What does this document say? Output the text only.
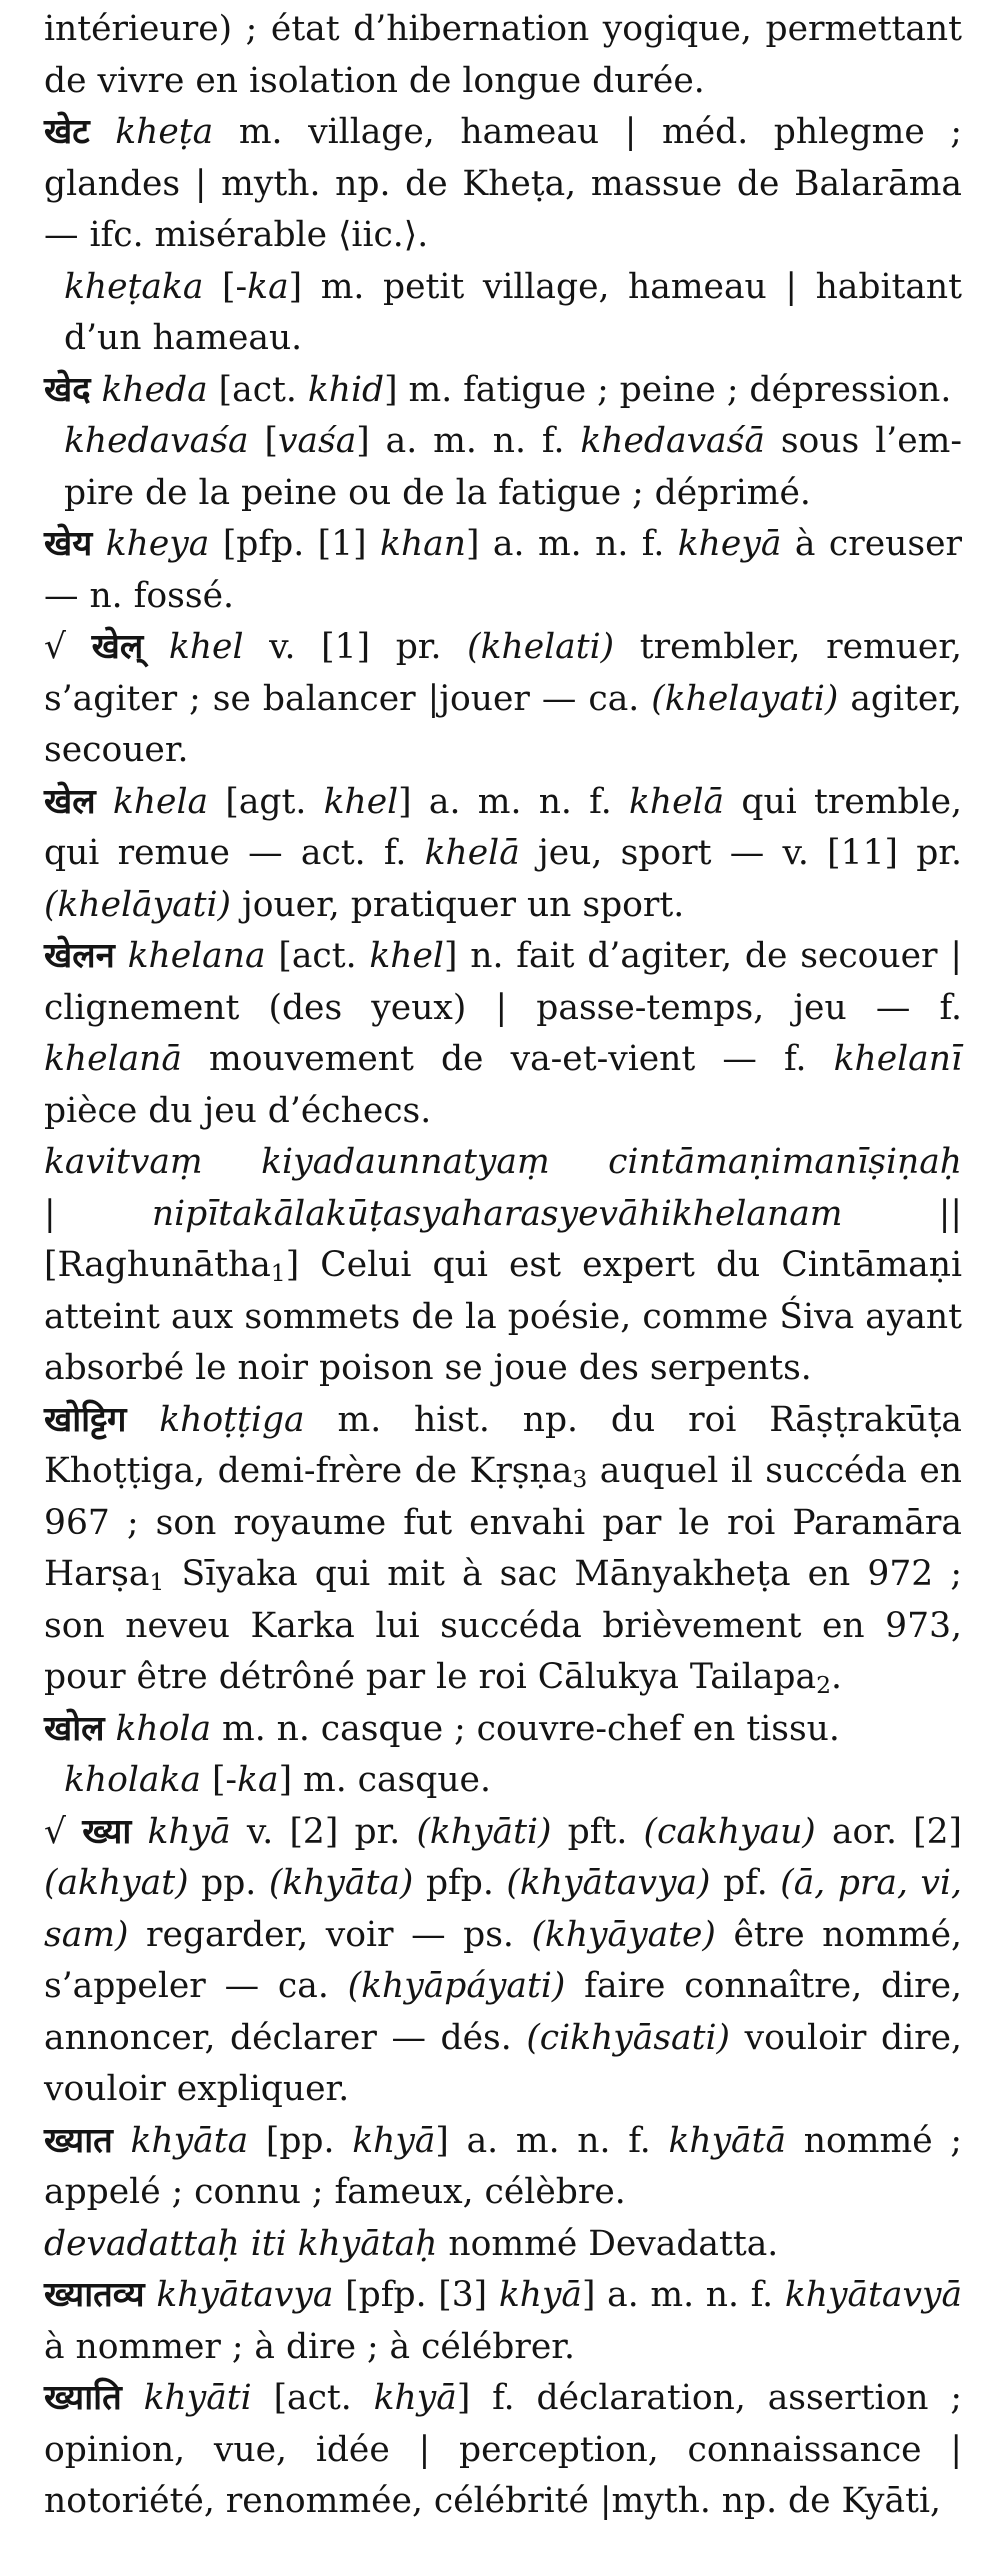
intérieure) ; état d’hibernation yogique, permettant de vivre en isolation de longue durée.

खेट kheṭa m. village, hameau | méd. phlegme ; glandes | myth. np. de Kheṭa, massue de Balarāma — ifc. misérable ⟨iic.⟩.

kheṭaka [-ka] m. petit village, hameau | habitant d’un hameau.

खेद kheda [act. khid] m. fatigue ; peine ; dépression.

khedavaśa [vaśa] a. m. n. f. khedavaśā sous l’empire de la peine ou de la fatigue ; déprimé.

खेय kheya [pfp. [1] khan] a. m. n. f. kheyā à creuser — n. fossé.

√ खेल् khel v. [1] pr. (khelati) trembler, remuer, s’agiter ; se balancer |jouer — ca. (khelayati) agiter, secouer.

खेल khela [agt. khel] a. m. n. f. khelā qui tremble, qui remue — act. f. khelā jeu, sport — v. [11] pr. (khelāyati) jouer, pratiquer un sport.

खेलन khelana [act. khel] n. fait d’agiter, de secouer | clignement (des yeux) | passe-temps, jeu — f. khelanā mouvement de va-et-vient — f. khelanī pièce du jeu d’échecs.

kavitvaṃ kiyadaunnatyaṃ cintāmaṇimanīṣiṇaḥ

|	nipītakālakūṭasyaharasyevāhikhelanam	||

[Raghunātha$_1$] Celui qui est expert du Cintāmaṇi atteint aux sommets de la poésie, comme Śiva ayant absorbé le noir poison se joue des serpents.

खोट्टिग khoṭṭiga m. hist. np. du roi Rāṣṭrakūṭa Khoṭṭiga, demi-frère de Kṛṣṇa$_3$ auquel il succéda en 967 ; son royaume fut envahi par le roi Paramāra Harṣa$_1$ Sīyaka qui mit à sac Mānyakheṭa en 972 ; son neveu Karka lui succéda brièvement en 973, pour être détrôné par le roi Cālukya Tailapa$_2$.

खोल khola m. n. casque ; couvre-chef en tissu.

kholaka [-ka] m. casque.

√ ख्या khyā v. [2] pr. (khyāti) pft. (cakhyau) aor. [2] (akhyat) pp. (khyāta) pfp. (khyātavya) pf. (ā, pra, vi, sam) regarder, voir — ps. (khyāyate) être nommé, s’appeler — ca. (khyāpáyati) faire connaître, dire, annoncer, déclarer — dés. (cikhyāsati) vouloir dire, vouloir expliquer.

ख्यात khyāta [pp. khyā] a. m. n. f. khyātā nommé ; appelé ; connu ; fameux, célèbre.

devadattaḥ iti khyātaḥ nommé Devadatta.

ख्यातव्य khyātavya [pfp. [3] khyā] a. m. n. f. khyātavyā à nommer ; à dire ; à célébrer.

ख्याति khyāti [act. khyā] f. déclaration, assertion ; opinion, vue, idée | perception, connaissance | notoriété, renommée, célébrité |myth. np. de Kyāti,
